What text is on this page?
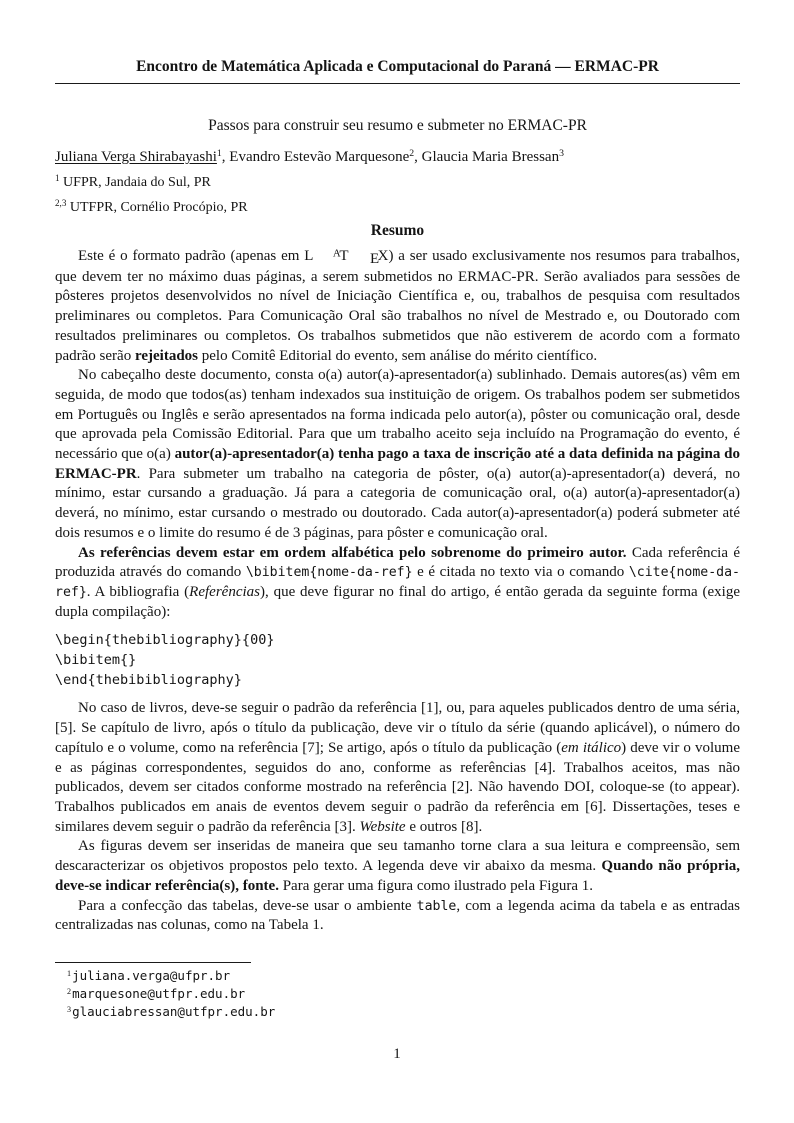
Encontro de Matemática Aplicada e Computacional do Paraná — ERMAC-PR
Passos para construir seu resumo e submeter no ERMAC-PR
Juliana Verga Shirabayashi$^1$, Evandro Estevão Marquesone$^2$, Glaucia Maria Bressan$^3$
$^1$ UFPR, Jandaia do Sul, PR
$^{2,3}$ UTFPR, Cornélio Procópio, PR
Resumo

Este é o formato padrão (apenas em L AT EX) a ser usado exclusivamente nos resumos para trabalhos, que devem ter no máximo duas páginas, a serem submetidos no ERMAC-PR. Serão avaliados para sessões de pôsteres projetos desenvolvidos no nível de Iniciação Científica e, ou, trabalhos de pesquisa com resultados preliminares ou completos. Para Comunicação Oral são trabalhos no nível de Mestrado e, ou Doutorado com resultados preliminares ou completos. Os trabalhos submetidos que não estiverem de acordo com a formato padrão serão rejeitados pelo Comitê Editorial do evento, sem análise do mérito científico.

No cabeçalho deste documento, consta o(a) autor(a)-apresentador(a) sublinhado. Demais autores(as) vêm em seguida, de modo que todos(as) tenham indexados sua instituição de origem. Os trabalhos podem ser submetidos em Português ou Inglês e serão apresentados na forma indicada pelo autor(a), pôster ou comunicação oral, desde que aprovada pela Comissão Editorial. Para que um trabalho aceito seja incluído na Programação do evento, é necessário que o(a) autor(a)-apresentador(a) tenha pago a taxa de inscrição até a data definida na página do ERMAC-PR. Para submeter um trabalho na categoria de pôster, o(a) autor(a)-apresentador(a) deverá, no mínimo, estar cursando a graduação. Já para a categoria de comunicação oral, o(a) autor(a)-apresentador(a) deverá, no mínimo, estar cursando o mestrado ou doutorado. Cada autor(a)-apresentador(a) poderá submeter até dois resumos e o limite do resumo é de 3 páginas, para pôster e comunicação oral.

As referências devem estar em ordem alfabética pelo sobrenome do primeiro autor. Cada referência é produzida através do comando \bibitem{nome-da-ref} e é citada no texto via o comando \cite{nome-da-ref}. A bibliografia (Referências), que deve figurar no final do artigo, é então gerada da seguinte forma (exige dupla compilação):

\begin{thebibliography}{00}
\bibitem{}
\end{thebibibliography}

No caso de livros, deve-se seguir o padrão da referência [1], ou, para aqueles publicados dentro de uma séria, [5]. Se capítulo de livro, após o título da publicação, deve vir o título da série (quando aplicável), o número do capítulo e o volume, como na referência [7]; Se artigo, após o título da publicação (em itálico) deve vir o volume e as páginas correspondentes, seguidos do ano, conforme as referências [4]. Trabalhos aceitos, mas não publicados, devem ser citados conforme mostrado na referência [2]. Não havendo DOI, coloque-se (to appear). Trabalhos publicados em anais de eventos devem seguir o padrão da referência em [6]. Dissertações, teses e similares devem seguir o padrão da referência [3]. Website e outros [8].

As figuras devem ser inseridas de maneira que seu tamanho torne clara a sua leitura e compreensão, sem descaracterizar os objetivos propostos pelo texto. A legenda deve vir abaixo da mesma. Quando não própria, deve-se indicar referência(s), fonte. Para gerar uma figura como ilustrado pela Figura 1.

Para a confecção das tabelas, deve-se usar o ambiente table, com a legenda acima da tabela e as entradas centralizadas nas colunas, como na Tabela 1.

$^1$juliana.verga@ufpr.br
$^2$marquesone@utfpr.edu.br
$^3$glauciabressan@utfpr.edu.br
1
